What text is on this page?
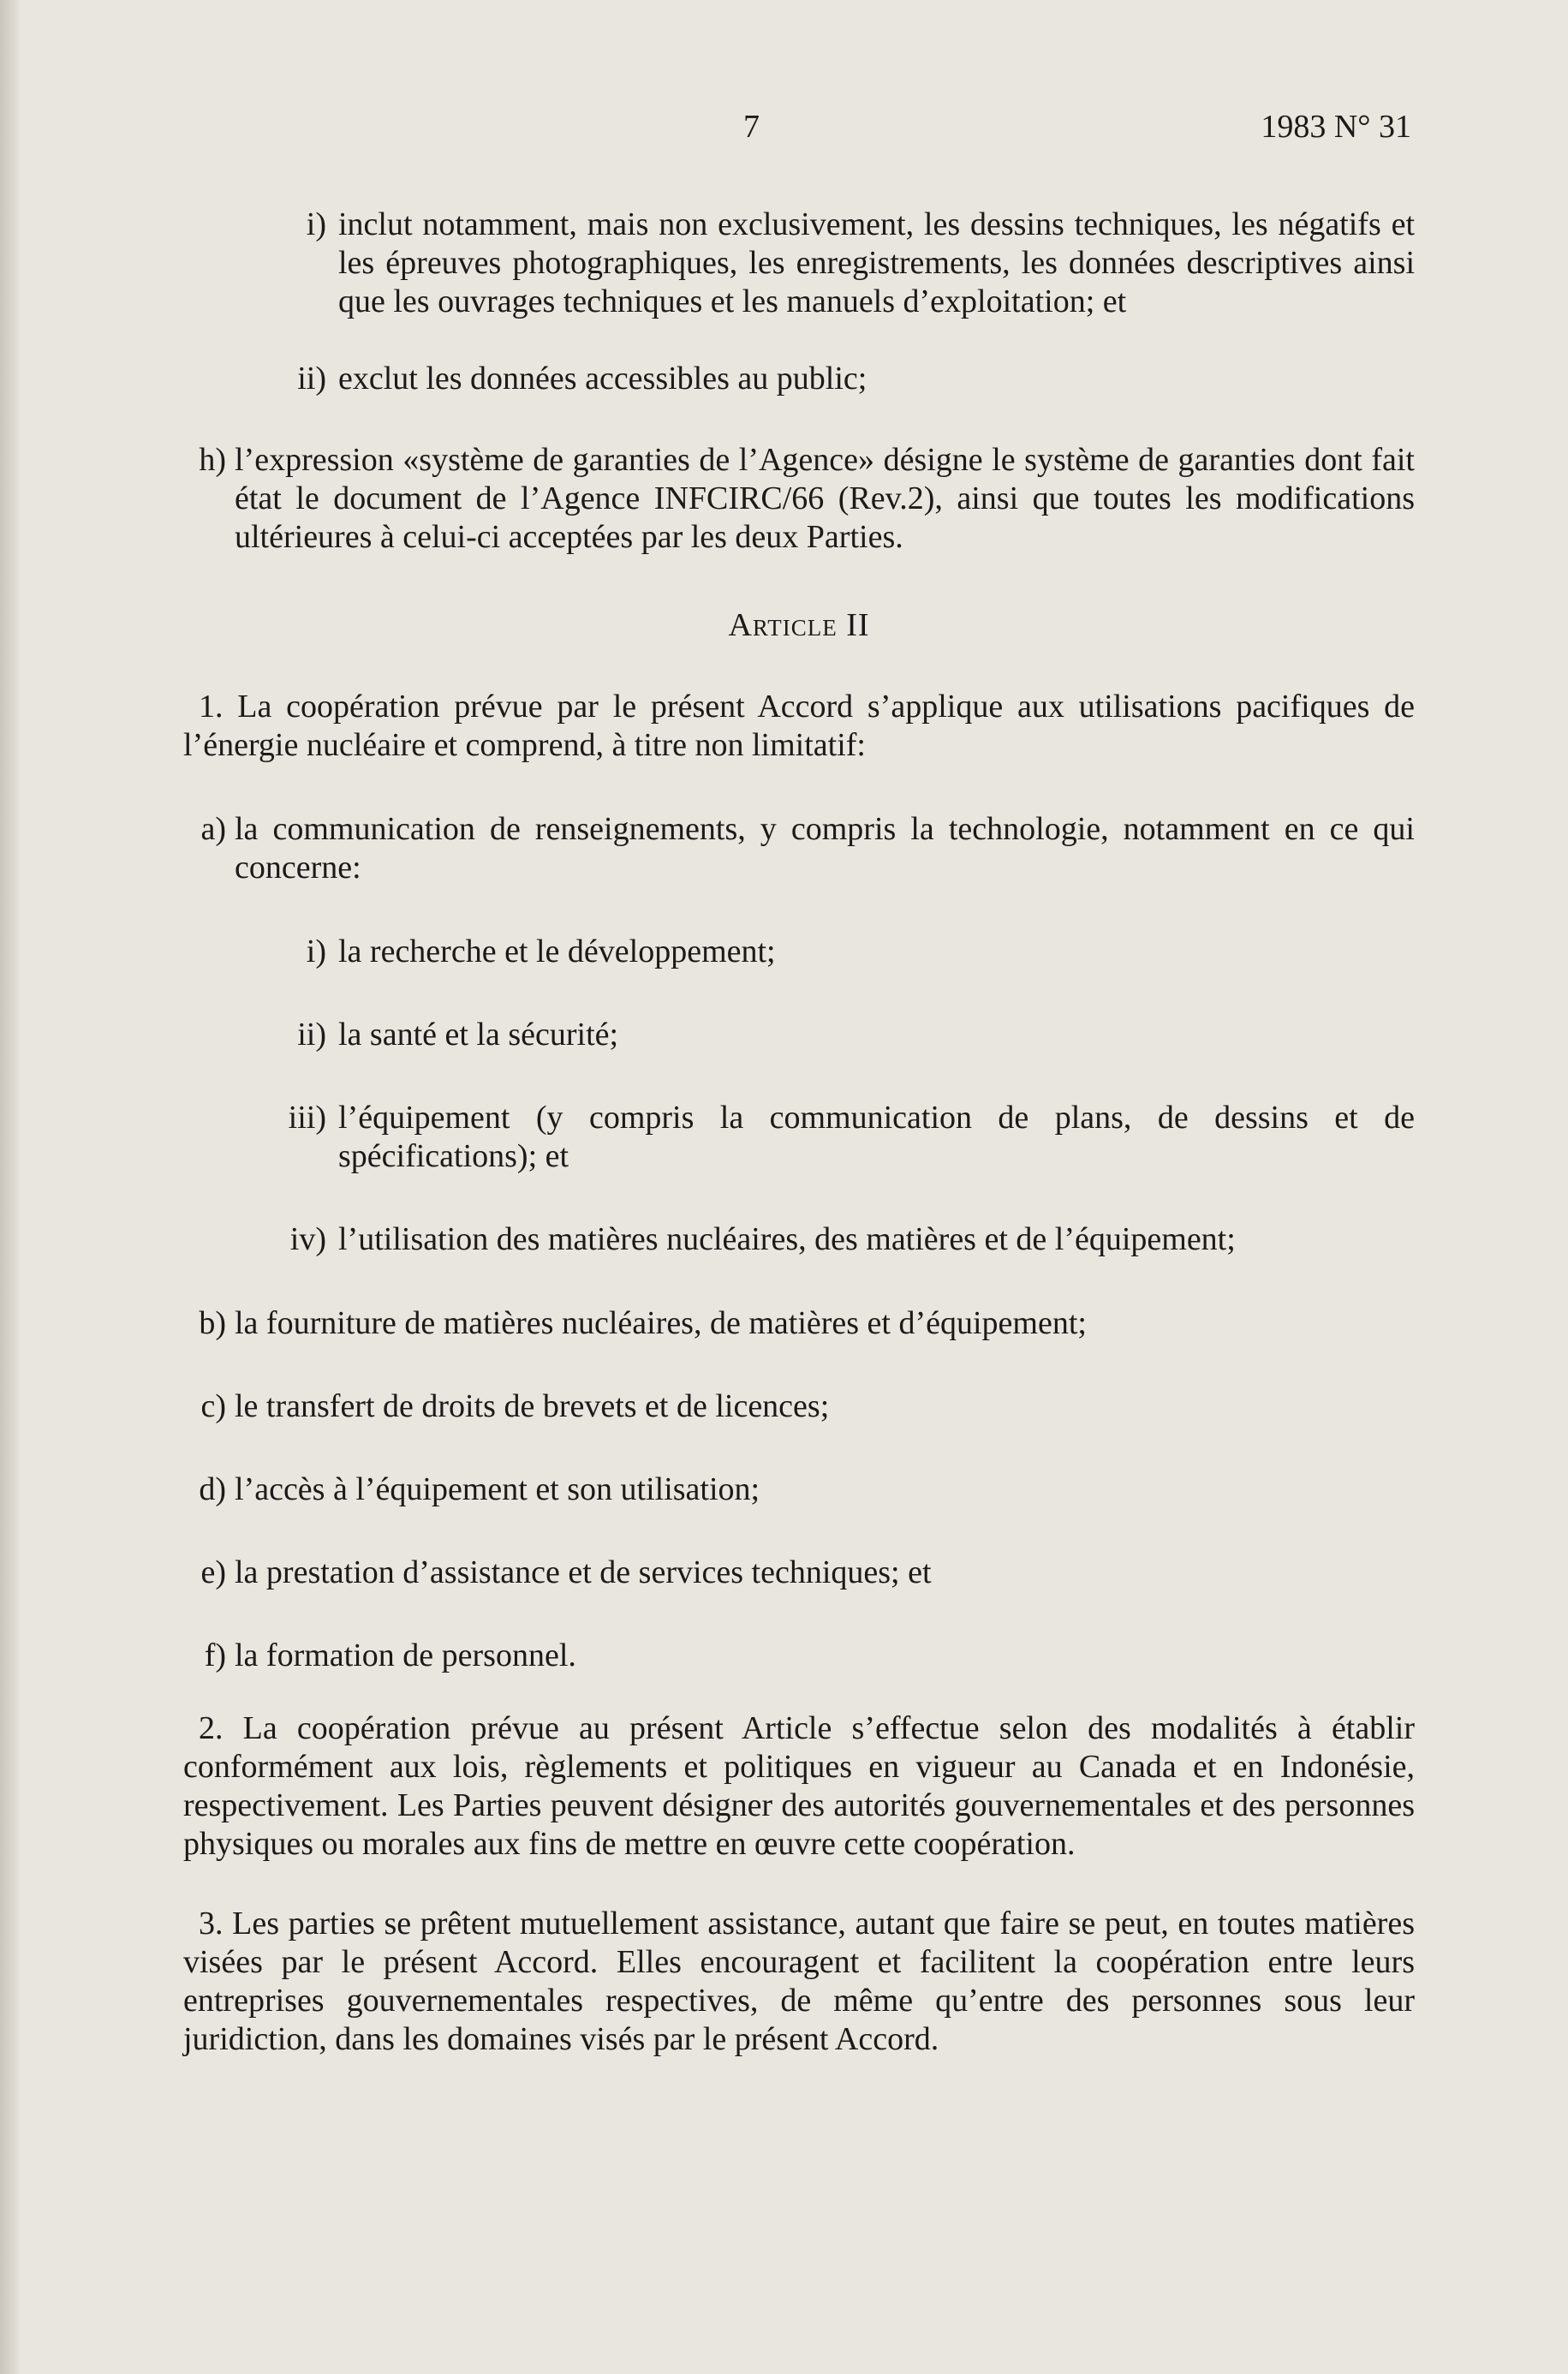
7	1983 N° 31
i) inclut notamment, mais non exclusivement, les dessins techniques, les négatifs et les épreuves photographiques, les enregistrements, les données descriptives ainsi que les ouvrages techniques et les manuels d’exploitation; et
ii) exclut les données accessibles au public;
h) l’expression «système de garanties de l’Agence» désigne le système de garanties dont fait état le document de l’Agence INFCIRC/66 (Rev.2), ainsi que toutes les modifications ultérieures à celui-ci acceptées par les deux Parties.
Article II

1. La coopération prévue par le présent Accord s’applique aux utilisations pacifiques de l’énergie nucléaire et comprend, à titre non limitatif:

a) la communication de renseignements, y compris la technologie, notamment en ce qui concerne:
i) la recherche et le développement;
ii) la santé et la sécurité;
iii) l’équipement (y compris la communication de plans, de dessins et de spécifications); et
iv) l’utilisation des matières nucléaires, des matières et de l’équipement;
b) la fourniture de matières nucléaires, de matières et d’équipement;
c) le transfert de droits de brevets et de licences;
d) l’accès à l’équipement et son utilisation;
e) la prestation d’assistance et de services techniques; et
f) la formation de personnel.

2. La coopération prévue au présent Article s’effectue selon des modalités à établir conformément aux lois, règlements et politiques en vigueur au Canada et en Indonésie, respectivement. Les Parties peuvent désigner des autorités gouvernementales et des personnes physiques ou morales aux fins de mettre en œuvre cette coopération.

3. Les parties se prêtent mutuellement assistance, autant que faire se peut, en toutes matières visées par le présent Accord. Elles encouragent et facilitent la coopération entre leurs entreprises gouvernementales respectives, de même qu’entre des personnes sous leur juridiction, dans les domaines visés par le présent Accord.
